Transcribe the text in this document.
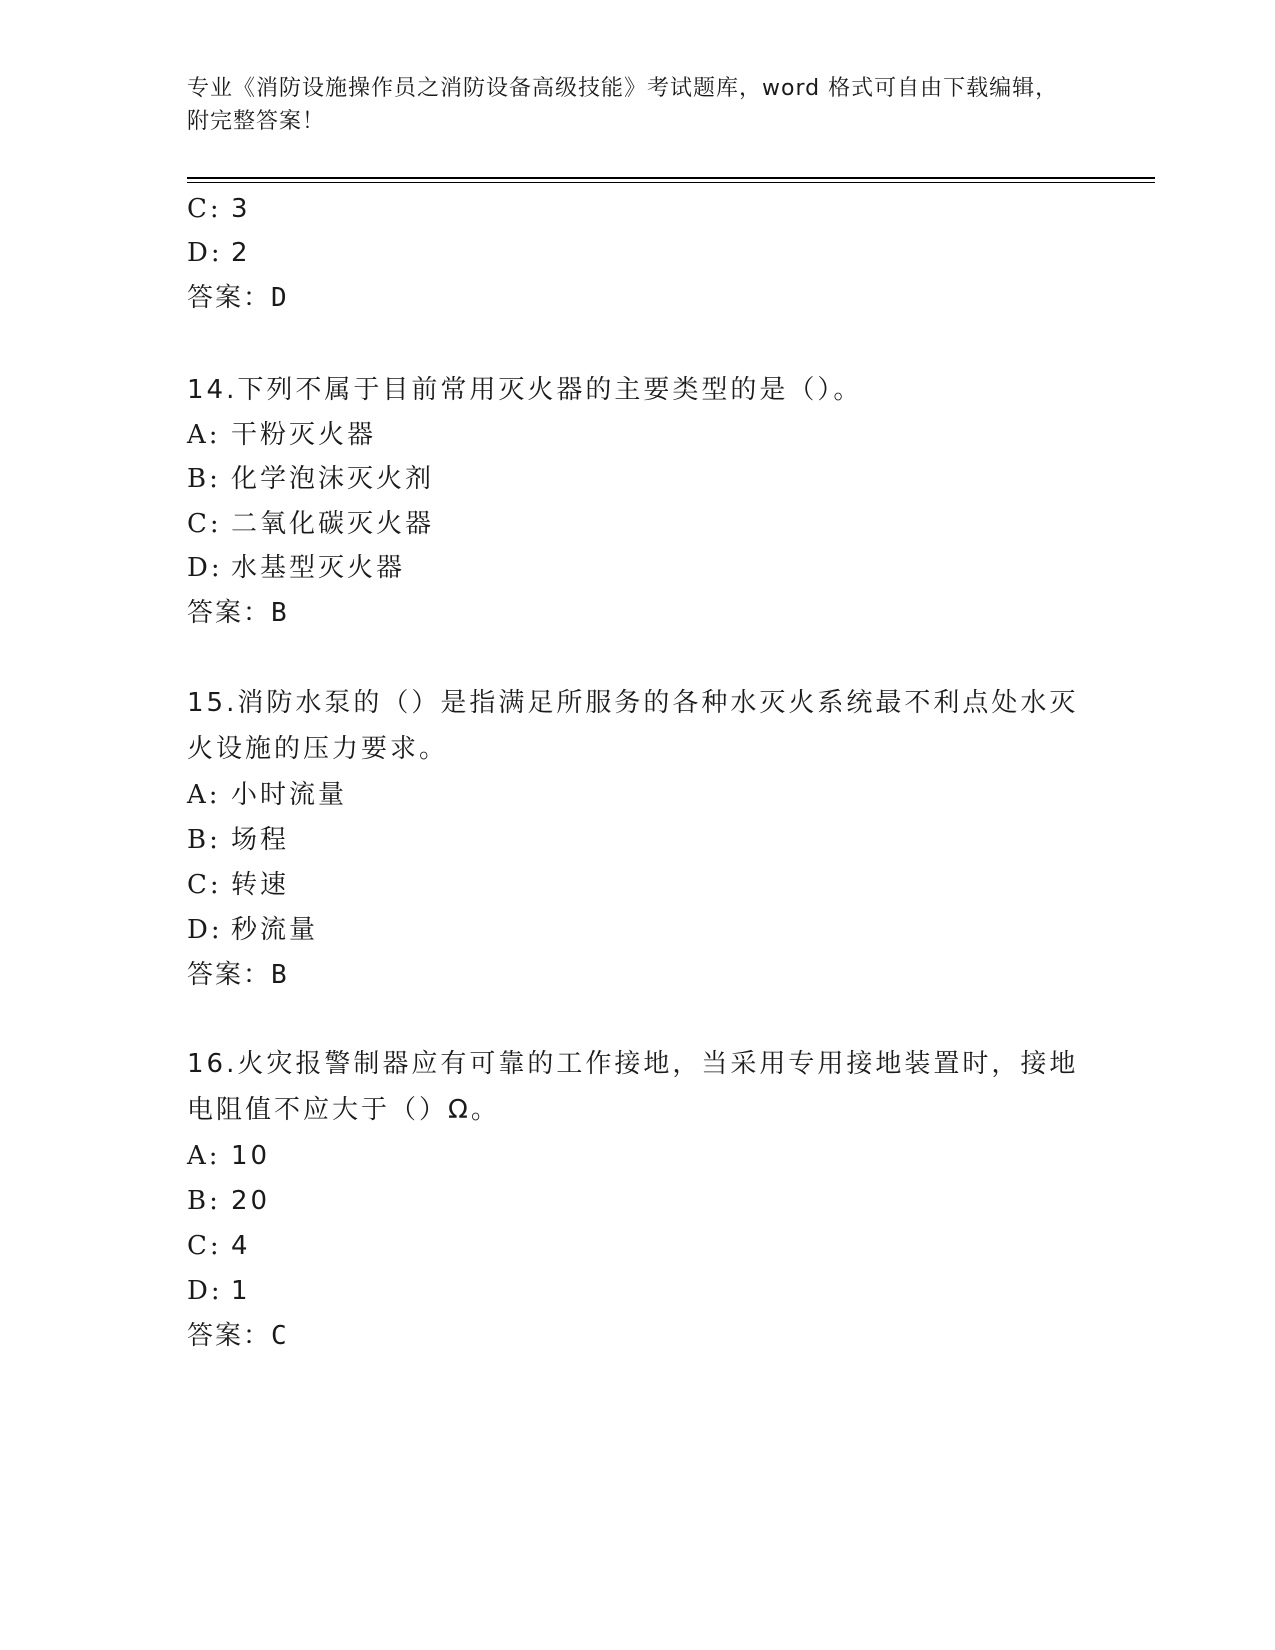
专业《消防设施操作员之消防设备高级技能》考试题库，word 格式可自由下载编辑，附完整答案！
C: 3
D: 2
答案：D
14.下列不属于目前常用灭火器的主要类型的是（）。
A: 干粉灭火器
B: 化学泡沫灭火剂
C: 二氧化碳灭火器
D: 水基型灭火器
答案：B
15.消防水泵的（）是指满足所服务的各种水灭火系统最不利点处水灭火设施的压力要求。
A: 小时流量
B: 场程
C: 转速
D: 秒流量
答案：B
16.火灾报警制器应有可靠的工作接地，当采用专用接地装置时，接地电阻值不应大于（）Ω。
A: 10
B: 20
C: 4
D: 1
答案：C
